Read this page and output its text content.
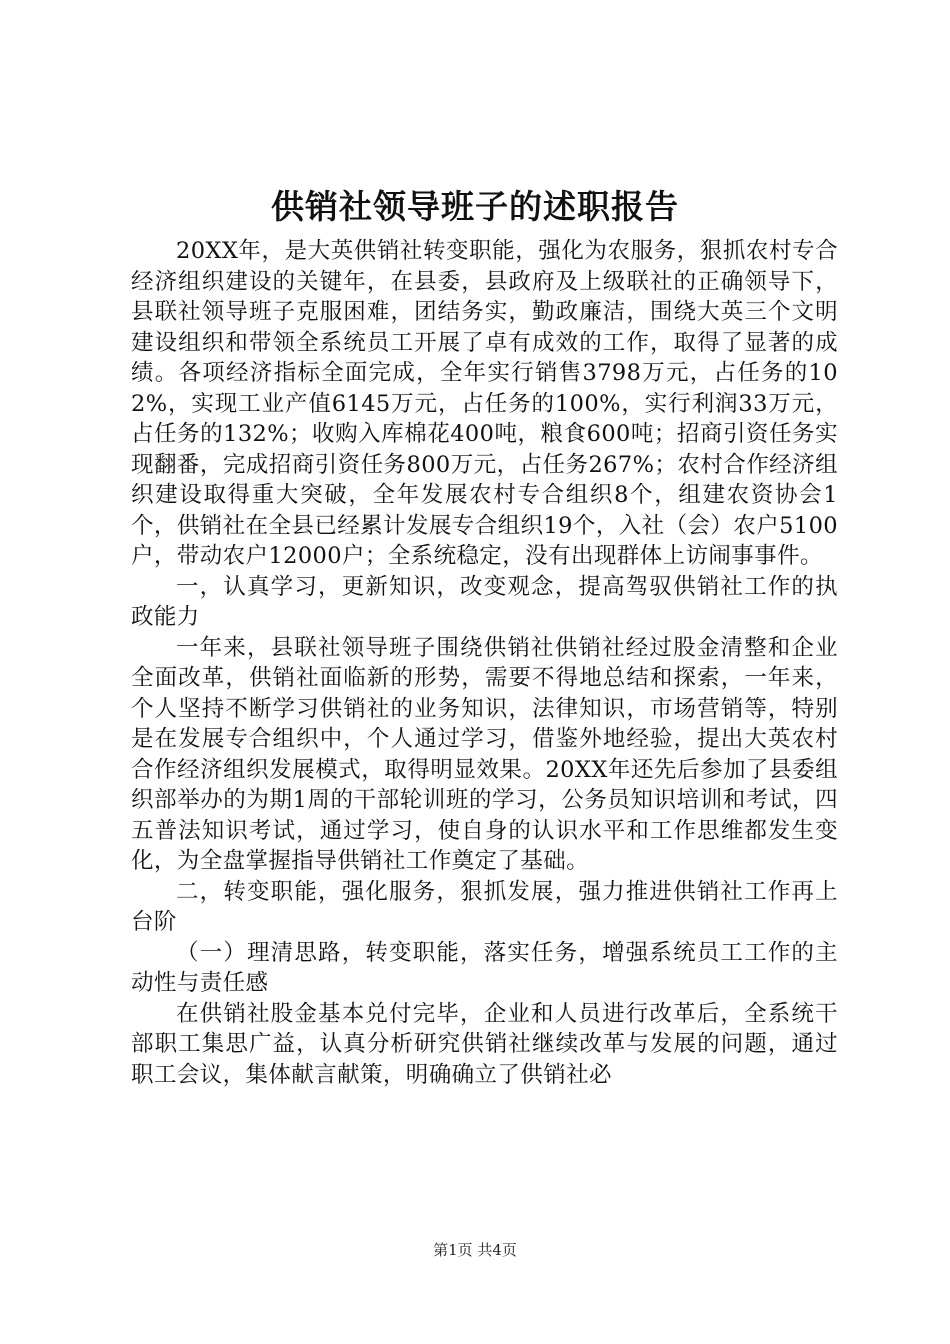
供销社领导班子的述职报告

20XX年，是大英供销社转变职能，强化为农服务，狠抓农村专合经济组织建设的关键年，在县委，县政府及上级联社的正确领导下，县联社领导班子克服困难，团结务实，勤政廉洁，围绕大英三个文明建设组织和带领全系统员工开展了卓有成效的工作，取得了显著的成绩。各项经济指标全面完成，全年实行销售3798万元，占任务的102%，实现工业产值6145万元，占任务的100%，实行利润33万元，占任务的132%；收购入库棉花400吨，粮食600吨；招商引资任务实现翻番，完成招商引资任务800万元，占任务267%；农村合作经济组织建设取得重大突破，全年发展农村专合组织8个，组建农资协会1个，供销社在全县已经累计发展专合组织19个，入社（会）农户5100户，带动农户12000户；全系统稳定，没有出现群体上访闹事事件。

一，认真学习，更新知识，改变观念，提高驾驭供销社工作的执政能力

一年来，县联社领导班子围绕供销社供销社经过股金清整和企业全面改革，供销社面临新的形势，需要不得地总结和探索，一年来，个人坚持不断学习供销社的业务知识，法律知识，市场营销等，特别是在发展专合组织中，个人通过学习，借鉴外地经验，提出大英农村合作经济组织发展模式，取得明显效果。20XX年还先后参加了县委组织部举办的为期1周的干部轮训班的学习，公务员知识培训和考试，四五普法知识考试，通过学习，使自身的认识水平和工作思维都发生变化，为全盘掌握指导供销社工作奠定了基础。

二，转变职能，强化服务，狠抓发展，强力推进供销社工作再上台阶

（一）理清思路，转变职能，落实任务，增强系统员工工作的主动性与责任感

在供销社股金基本兑付完毕，企业和人员进行改革后，全系统干部职工集思广益，认真分析研究供销社继续改革与发展的问题，通过职工会议，集体献言献策，明确确立了供销社必

第1页 共4页
